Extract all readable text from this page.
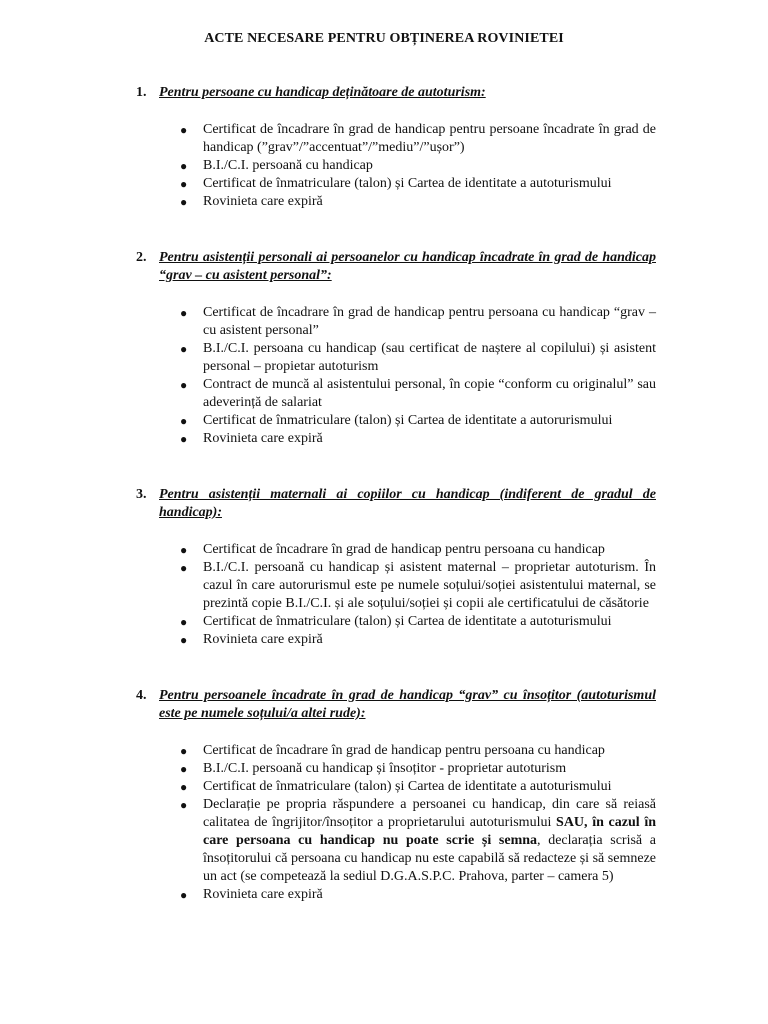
ACTE NECESARE PENTRU OBȚINEREA ROVINIETEI
1. Pentru persoane cu handicap deținătoare de autoturism:
● Certificat de încadrare în grad de handicap pentru persoane încadrate în grad de handicap (”grav”/”accentuat”/”mediu”/”ușor”)
● B.I./C.I. persoană cu handicap
● Certificat de înmatriculare (talon) și Cartea de identitate a autoturismului
● Rovinieta care expiră
2. Pentru asistenții personali ai persoanelor cu handicap încadrate în grad de handicap “grav – cu asistent personal”:
● Certificat de încadrare în grad de handicap pentru persoana cu handicap “grav – cu asistent personal”
● B.I./C.I. persoana cu handicap (sau certificat de naștere al copilului) și asistent personal – propietar autoturism
● Contract de muncă al asistentului personal, în copie “conform cu originalul” sau adeverință de salariat
● Certificat de înmatriculare (talon) și Cartea de identitate a autorurismului
● Rovinieta care expiră
3. Pentru asistenții maternali ai copiilor cu handicap (indiferent de gradul de handicap):
● Certificat de încadrare în grad de handicap pentru persoana cu handicap
● B.I./C.I. persoană cu handicap și asistent maternal – proprietar autoturism. În cazul în care autorurismul este pe numele soțului/soției asistentului maternal, se prezintă copie B.I./C.I. și ale soțului/soției și copii ale certificatului de căsătorie
● Certificat de înmatriculare (talon) și Cartea de identitate a autoturismului
● Rovinieta care expiră
4. Pentru persoanele încadrate în grad de handicap “grav” cu însoțitor (autoturismul este pe numele soțului/a altei rude):
● Certificat de încadrare în grad de handicap pentru persoana cu handicap
● B.I./C.I. persoană cu handicap și însoțitor - proprietar autoturism
● Certificat de înmatriculare (talon) și Cartea de identitate a autoturismului
● Declarație pe propria răspundere a persoanei cu handicap, din care să reiasă calitatea de îngrijitor/însoțitor a proprietarului autoturismului SAU, în cazul în care persoana cu handicap nu poate scrie și semna, declarația scrisă a însoțitorului că persoana cu handicap nu este capabilă să redacteze și să semneze un act (se competează la sediul D.G.A.S.P.C. Prahova, parter – camera 5)
● Rovinieta care expiră
